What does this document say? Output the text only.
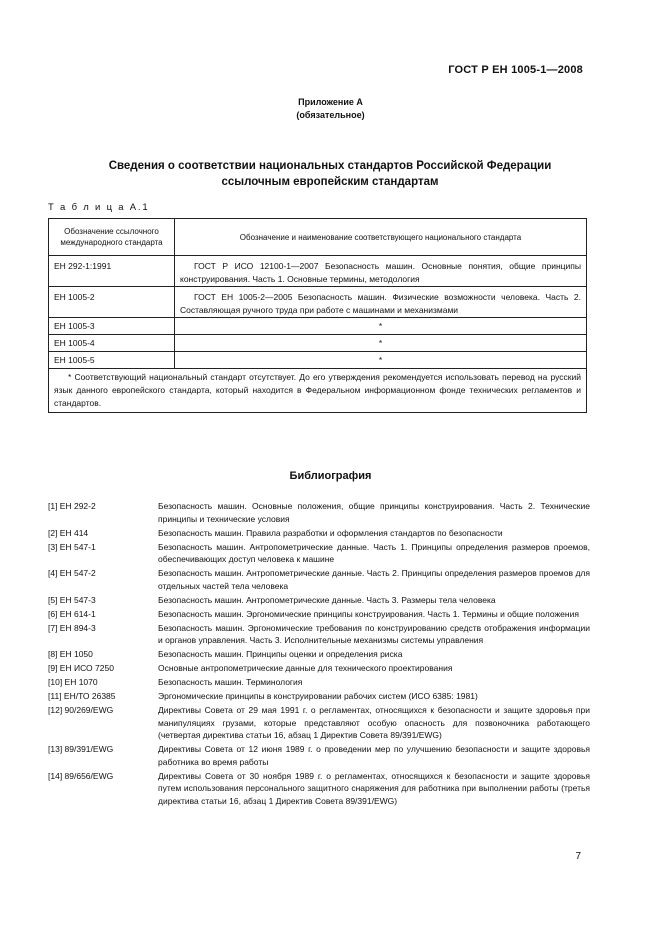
ГОСТ Р ЕН 1005-1—2008
Приложение А
(обязательное)
Сведения о соответствии национальных стандартов Российской Федерации
ссылочным европейским стандартам
Т а б л и ц а А.1
Обозначение ссылочного международного стандарта	Обозначение и наименование соответствующего национального стандарта
ЕН 292-1:1991	ГОСТ Р ИСО 12100-1—2007 Безопасность машин. Основные понятия, общие принципы конструирования. Часть 1. Основные термины, методология
ЕН 1005-2	ГОСТ ЕН 1005-2—2005 Безопасность машин. Физические возможности человека. Часть 2. Составляющая ручного труда при работе с машинами и механизмами
ЕН 1005-3	*
ЕН 1005-4	*
ЕН 1005-5	*
* Соответствующий национальный стандарт отсутствует. До его утверждения рекомендуется использовать перевод на русский язык данного европейского стандарта, который находится в Федеральном информационном фонде технических регламентов и стандартов.	
Библиография
[1] ЕН 292-2	Безопасность машин. Основные положения, общие принципы конструирования. Часть 2. Технические принципы и технические условия
[2] ЕН 414	Безопасность машин. Правила разработки и оформления стандартов по безопасности
[3] ЕН 547-1	Безопасность машин. Антропометрические данные. Часть 1. Принципы определения размеров проемов, обеспечивающих доступ человека к машине
[4] ЕН 547-2	Безопасность машин. Антропометрические данные. Часть 2. Принципы определения размеров проемов для отдельных частей тела человека
[5] ЕН 547-3	Безопасность машин. Антропометрические данные. Часть 3. Размеры тела человека
[6] ЕН 614-1	Безопасность машин. Эргономические принципы конструирования. Часть 1. Термины и общие положения
[7] ЕН 894-3	Безопасность машин. Эргономические требования по конструированию средств отображения информации и органов управления. Часть 3. Исполнительные механизмы системы управления
[8] ЕН 1050	Безопасность машин. Принципы оценки и определения риска
[9] ЕН ИСО 7250	Основные антропометрические данные для технического проектирования
[10] ЕН 1070	Безопасность машин. Терминология
[11] ЕН/ТО 26385	Эргономические принципы в конструировании рабочих систем (ИСО 6385: 1981)
[12] 90/269/EWG	Директивы Совета от 29 мая 1991 г. о регламентах, относящихся к безопасности и защите здоровья при манипуляциях грузами, которые представляют особую опасность для позвоночника работающего (четвертая директива статьи 16, абзац 1 Директив Совета 89/391/EWG)
[13] 89/391/EWG	Директивы Совета от 12 июня 1989 г. о проведении мер по улучшению безопасности и защите здоровья работника во время работы
[14] 89/656/EWG	Директивы Совета от 30 ноября 1989 г. о регламентах, относящихся к безопасности и защите здоровья путем использования персонального защитного снаряжения для работника при выполнении работы (третья директива статьи 16, абзац 1 Директив Совета 89/391/EWG)
7
